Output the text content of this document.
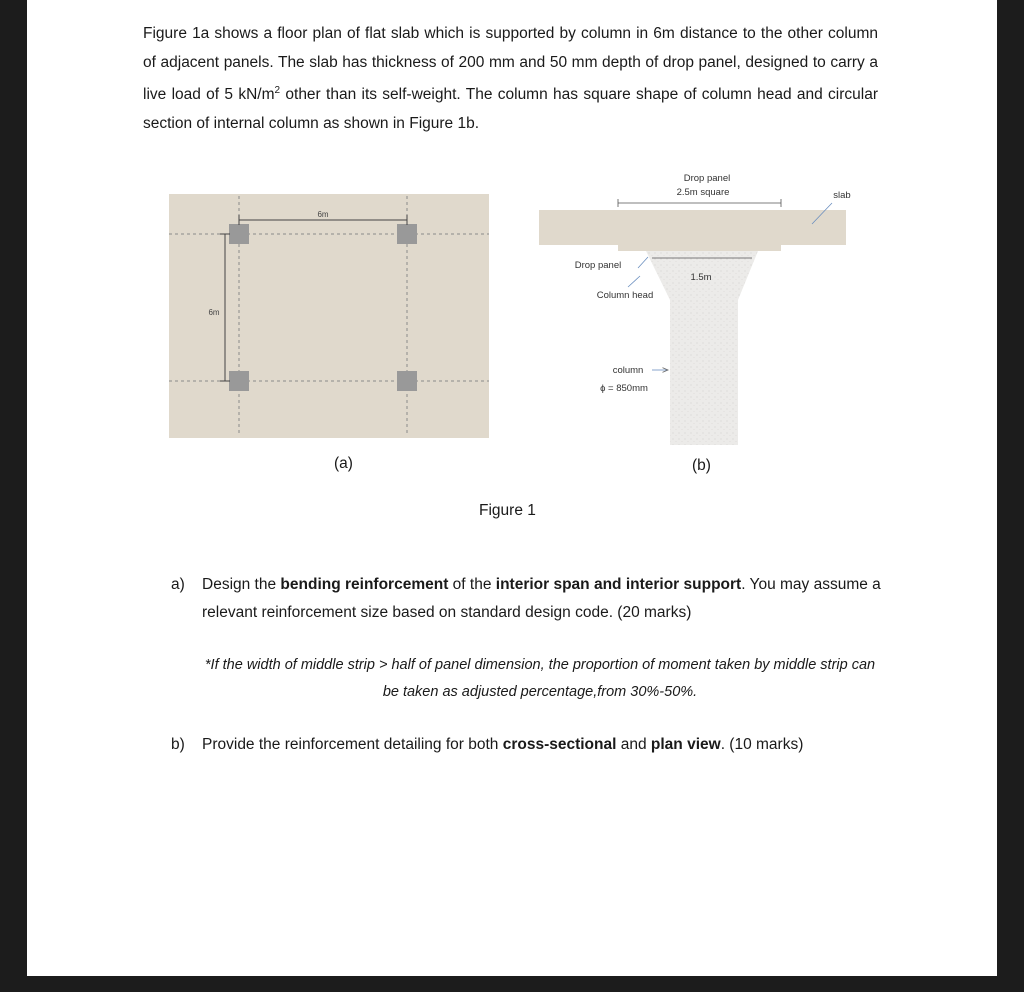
Figure 1a shows a floor plan of flat slab which is supported by column in 6m distance to the other column of adjacent panels. The slab has thickness of 200 mm and 50 mm depth of drop panel, designed to carry a live load of 5 $kN/m^2$ other than its self-weight. The column has square shape of column head and circular section of internal column as shown in Figure 1b.

6m
6m
Drop panel
2.5m square	slab
Drop panel
1.5m
Column head
column
ϕ = 850mm
(a)	(b)
Figure 1
a) Design the bending reinforcement of the interior span and interior support. You may assume a relevant reinforcement size based on standard design code. (20 marks)

*If the width of middle strip > half of panel dimension, the proportion of moment taken by middle strip can be taken as adjusted percentage,from 30%-50%.

b) Provide the reinforcement detailing for both cross-sectional and plan view. (10 marks)
